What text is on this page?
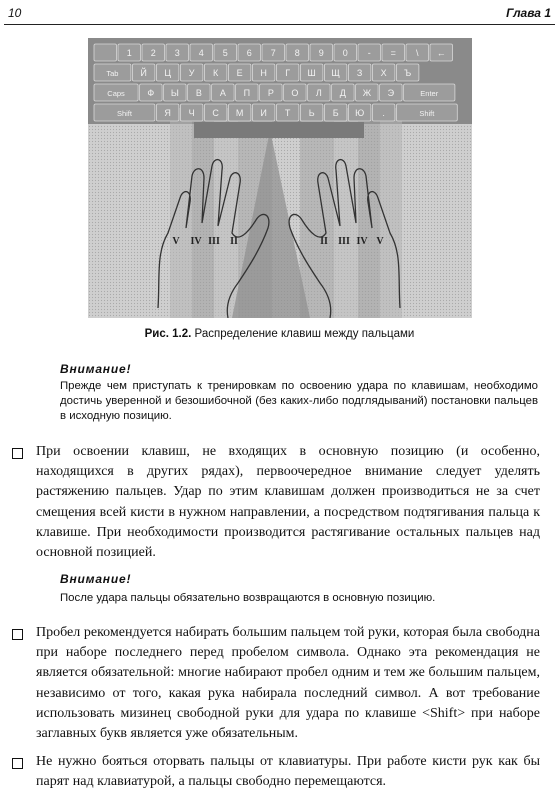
10	Глава 1
1 2 3 4 5 6 7 8 9 0 - = \ ←
Tab Й Ц У К Е Н Г Ш Щ З Х Ъ
Caps	Ф Ы В А П Р О Л Д Ж Э	Enter
Shift	Я Ч С М И Т Ь Б Ю .	Shift
V IV III II	II III IV V
Рис. 1.2. Распределение клавиш между пальцами
Внимание!

Прежде чем приступать к тренировкам по освоению удара по клавишам, необходимо достичь уверенной и безошибочной (без каких-либо подглядываний) постановки пальцев в исходную позицию.

При освоении клавиш, не входящих в основную позицию (и особенно, находящихся в других рядах), первоочередное внимание следует уделять растяжению пальцев. Удар по этим клавишам должен производиться не за счет смещения всей кисти в нужном направлении, а посредством подтягивания пальца к клавише. При необходимости производится растягивание остальных пальцев над основной позицией.

Внимание!

После удара пальцы обязательно возвращаются в основную позицию.

Пробел рекомендуется набирать большим пальцем той руки, которая была свободна при наборе последнего перед пробелом символа. Однако эта рекомендация не является обязательной: многие набирают пробел одним и тем же большим пальцем, независимо от того, какая рука набирала последний символ. А вот требование использовать мизинец свободной руки для удара по клавише <Shift> при наборе заглавных букв является уже обязательным.

Не нужно бояться оторвать пальцы от клавиатуры. При работе кисти рук как бы парят над клавиатурой, а пальцы свободно перемещаются.
